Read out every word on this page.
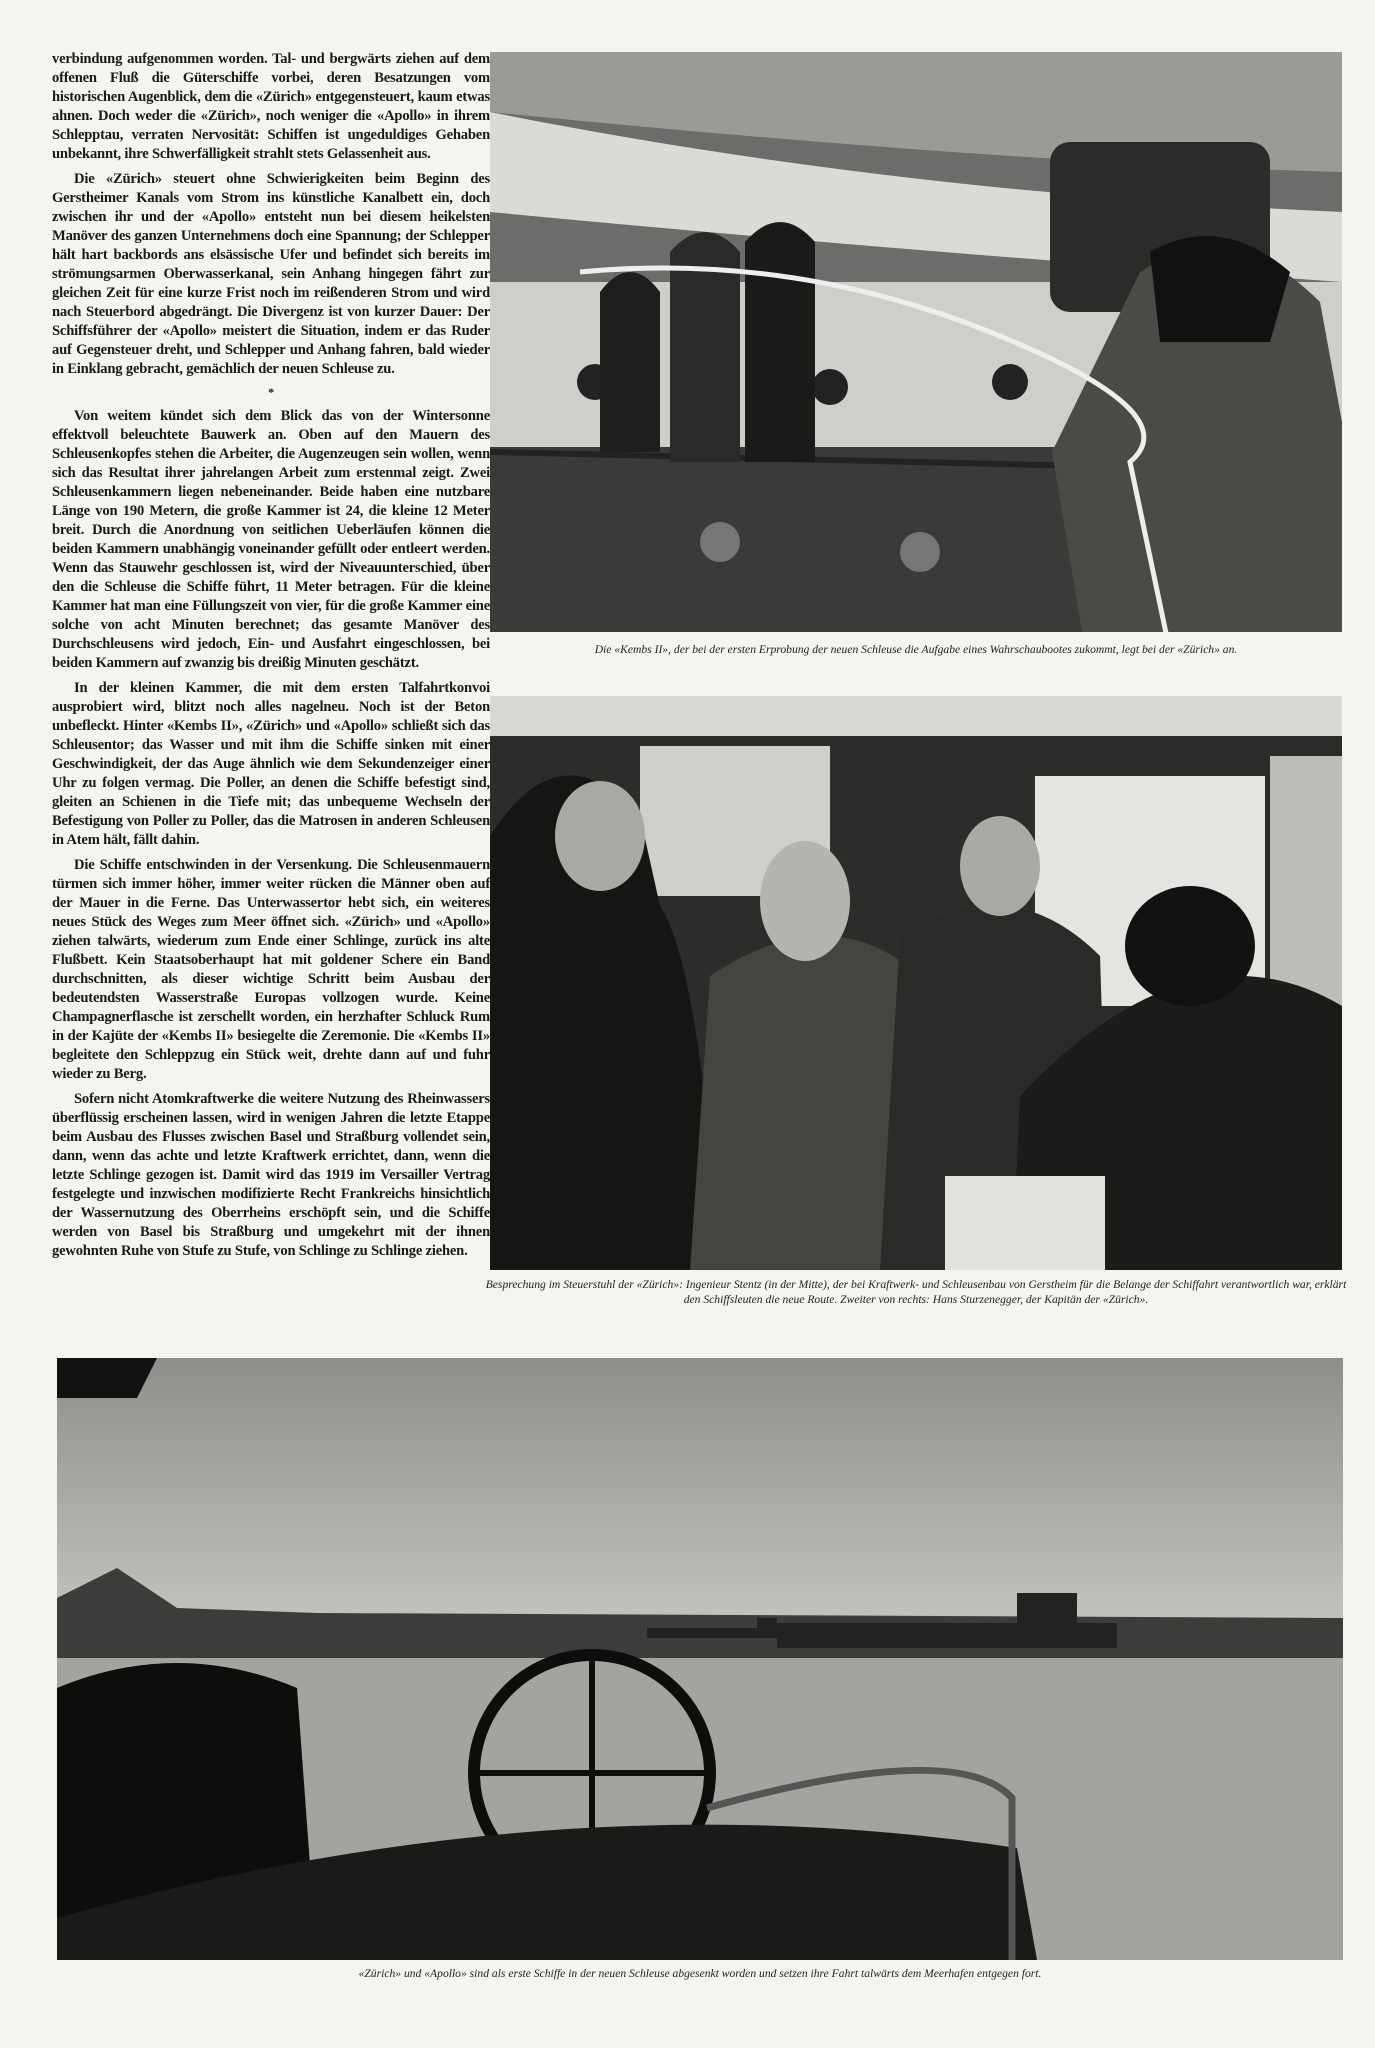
verbindung aufgenommen worden. Tal- und bergwärts ziehen auf dem offenen Fluß die Güterschiffe vorbei, deren Besatzungen vom historischen Augenblick, dem die «Zürich» entgegensteuert, kaum etwas ahnen. Doch weder die «Zürich», noch weniger die «Apollo» in ihrem Schlepptau, verraten Nervosität: Schiffen ist ungeduldiges Gehaben unbekannt, ihre Schwerfälligkeit strahlt stets Gelassenheit aus.

Die «Zürich» steuert ohne Schwierigkeiten beim Beginn des Gerstheimer Kanals vom Strom ins künstliche Kanalbett ein, doch zwischen ihr und der «Apollo» entsteht nun bei diesem heikelsten Manöver des ganzen Unternehmens doch eine Spannung; der Schlepper hält hart backbords ans elsässische Ufer und befindet sich bereits im strömungsarmen Oberwasserkanal, sein Anhang hingegen fährt zur gleichen Zeit für eine kurze Frist noch im reißenderen Strom und wird nach Steuerbord abgedrängt. Die Divergenz ist von kurzer Dauer: Der Schiffsführer der «Apollo» meistert die Situation, indem er das Ruder auf Gegensteuer dreht, und Schlepper und Anhang fahren, bald wieder in Einklang gebracht, gemächlich der neuen Schleuse zu.

*

Von weitem kündet sich dem Blick das von der Wintersonne effektvoll beleuchtete Bauwerk an. Oben auf den Mauern des Schleusenkopfes stehen die Arbeiter, die Augenzeugen sein wollen, wenn sich das Resultat ihrer jahrelangen Arbeit zum erstenmal zeigt. Zwei Schleusenkammern liegen nebeneinander. Beide haben eine nutzbare Länge von 190 Metern, die große Kammer ist 24, die kleine 12 Meter breit. Durch die Anordnung von seitlichen Ueberläufen können die beiden Kammern unabhängig voneinander gefüllt oder entleert werden. Wenn das Stauwehr geschlossen ist, wird der Niveauunterschied, über den die Schleuse die Schiffe führt, 11 Meter betragen. Für die kleine Kammer hat man eine Füllungszeit von vier, für die große Kammer eine solche von acht Minuten berechnet; das gesamte Manöver des Durchschleusens wird jedoch, Ein- und Ausfahrt eingeschlossen, bei beiden Kammern auf zwanzig bis dreißig Minuten geschätzt.

In der kleinen Kammer, die mit dem ersten Talfahrtkonvoi ausprobiert wird, blitzt noch alles nagelneu. Noch ist der Beton unbefleckt. Hinter «Kembs II», «Zürich» und «Apollo» schließt sich das Schleusentor; das Wasser und mit ihm die Schiffe sinken mit einer Geschwindigkeit, der das Auge ähnlich wie dem Sekundenzeiger einer Uhr zu folgen vermag. Die Poller, an denen die Schiffe befestigt sind, gleiten an Schienen in die Tiefe mit; das unbequeme Wechseln der Befestigung von Poller zu Poller, das die Matrosen in anderen Schleusen in Atem hält, fällt dahin.

Die Schiffe entschwinden in der Versenkung. Die Schleusenmauern türmen sich immer höher, immer weiter rücken die Männer oben auf der Mauer in die Ferne. Das Unterwassertor hebt sich, ein weiteres neues Stück des Weges zum Meer öffnet sich. «Zürich» und «Apollo» ziehen talwärts, wiederum zum Ende einer Schlinge, zurück ins alte Flußbett. Kein Staatsoberhaupt hat mit goldener Schere ein Band durchschnitten, als dieser wichtige Schritt beim Ausbau der bedeutendsten Wasserstraße Europas vollzogen wurde. Keine Champagnerflasche ist zerschellt worden, ein herzhafter Schluck Rum in der Kajüte der «Kembs II» besiegelte die Zeremonie. Die «Kembs II» begleitete den Schleppzug ein Stück weit, drehte dann auf und fuhr wieder zu Berg.

Sofern nicht Atomkraftwerke die weitere Nutzung des Rheinwassers überflüssig erscheinen lassen, wird in wenigen Jahren die letzte Etappe beim Ausbau des Flusses zwischen Basel und Straßburg vollendet sein, dann, wenn das achte und letzte Kraftwerk errichtet, dann, wenn die letzte Schlinge gezogen ist. Damit wird das 1919 im Versailler Vertrag festgelegte und inzwischen modifizierte Recht Frankreichs hinsichtlich der Wassernutzung des Oberrheins erschöpft sein, und die Schiffe werden von Basel bis Straßburg und umgekehrt mit der ihnen gewohnten Ruhe von Stufe zu Stufe, von Schlinge zu Schlinge ziehen.

Die «Kembs II», der bei der ersten Erprobung der neuen Schleuse die Aufgabe eines Wahrschaubootes zukommt, legt bei der «Zürich» an.
Besprechung im Steuerstuhl der «Zürich»: Ingenieur Stentz (in der Mitte), der bei Kraftwerk- und Schleusenbau von Gerstheim für die Belange der Schiffahrt verantwortlich war, erklärt den Schiffsleuten die neue Route. Zweiter von rechts: Hans Sturzenegger, der Kapitän der «Zürich».
«Zürich» und «Apollo» sind als erste Schiffe in der neuen Schleuse abgesenkt worden und setzen ihre Fahrt talwärts dem Meerhafen entgegen fort.
